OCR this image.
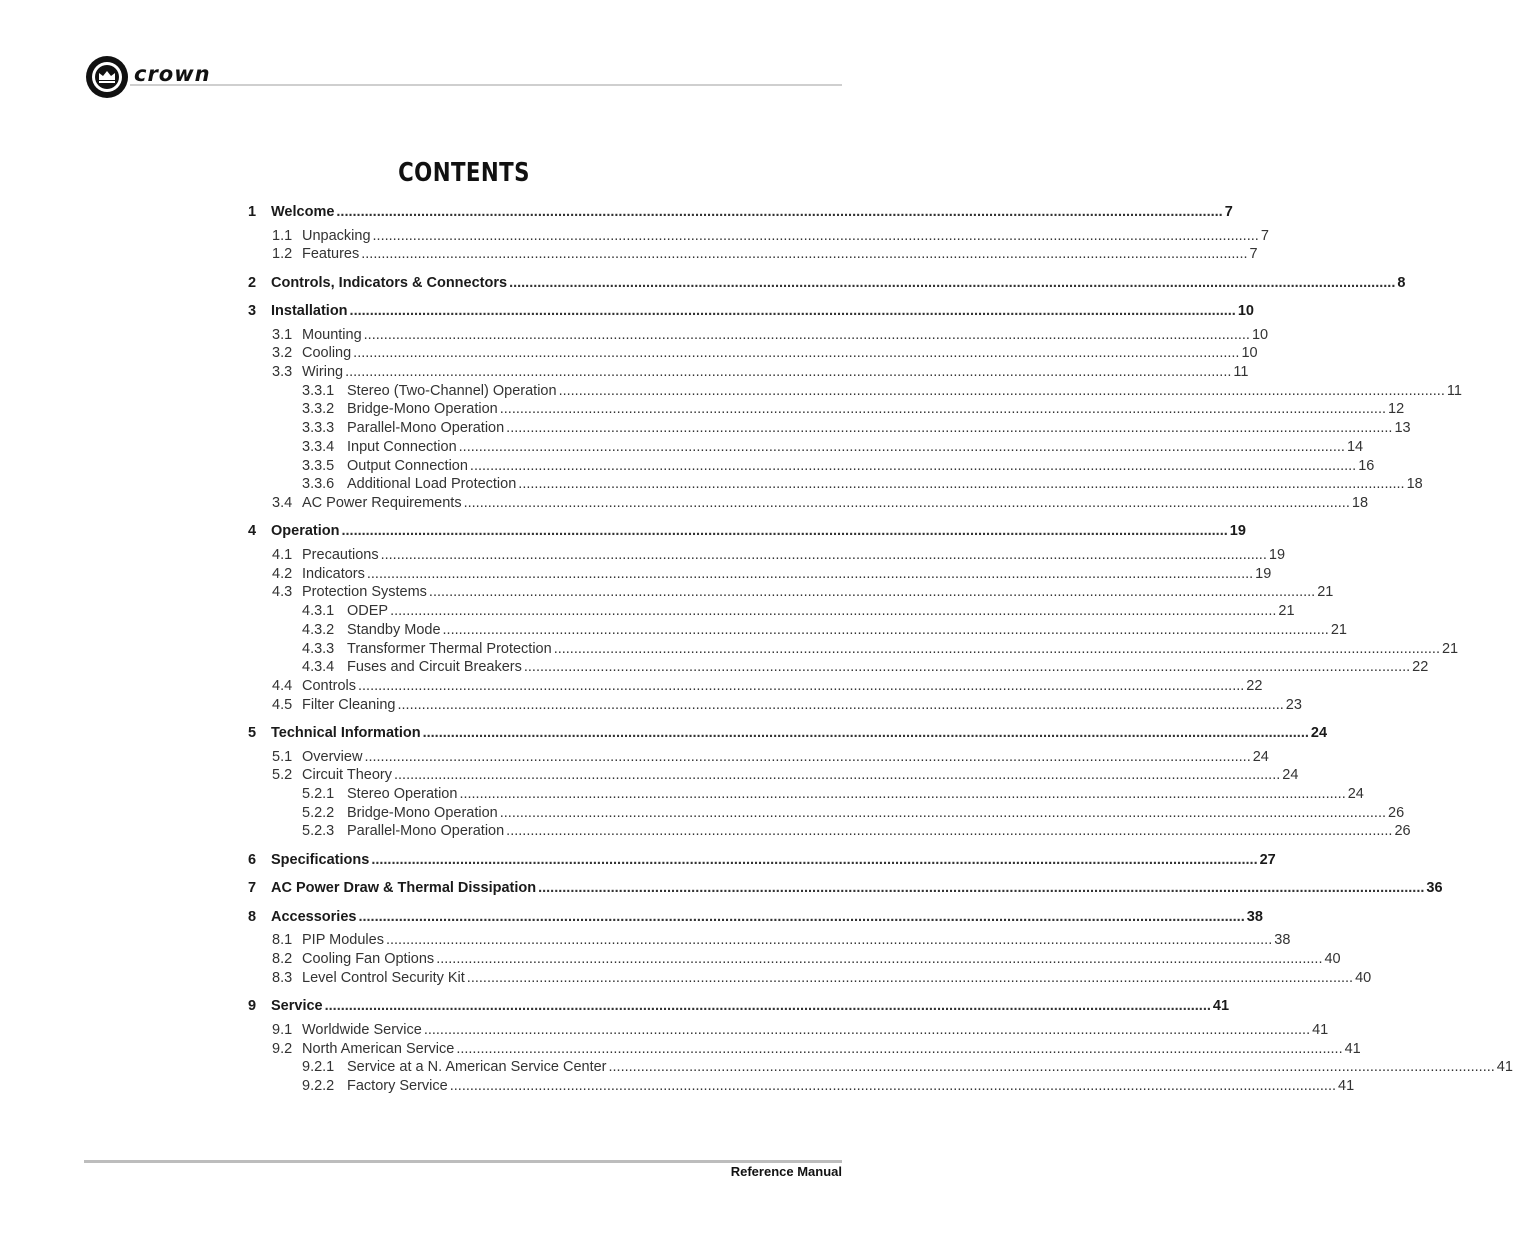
crown
CONTENTS
1 Welcome ............................................................................................................................................................................................................................ 7
1.1 Unpacking ............................................................................................................................................................................................................................ 7
1.2 Features ............................................................................................................................................................................................................................ 7
2 Controls, Indicators & Connectors ............................................................................................................................................................................................................................ 8
3 Installation ............................................................................................................................................................................................................................ 10
3.1 Mounting ............................................................................................................................................................................................................................ 10
3.2 Cooling ............................................................................................................................................................................................................................ 10
3.3 Wiring ............................................................................................................................................................................................................................ 11
3.3.1 Stereo (Two-Channel) Operation ............................................................................................................................................................................................................................ 11
3.3.2 Bridge-Mono Operation ............................................................................................................................................................................................................................ 12
3.3.3 Parallel-Mono Operation ............................................................................................................................................................................................................................ 13
3.3.4 Input Connection ............................................................................................................................................................................................................................ 14
3.3.5 Output Connection ............................................................................................................................................................................................................................ 16
3.3.6 Additional Load Protection ............................................................................................................................................................................................................................ 18
3.4 AC Power Requirements ............................................................................................................................................................................................................................ 18
4 Operation ............................................................................................................................................................................................................................ 19
4.1 Precautions ............................................................................................................................................................................................................................ 19
4.2 Indicators ............................................................................................................................................................................................................................ 19
4.3 Protection Systems ............................................................................................................................................................................................................................ 21
4.3.1 ODEP ............................................................................................................................................................................................................................ 21
4.3.2 Standby Mode ............................................................................................................................................................................................................................ 21
4.3.3 Transformer Thermal Protection ............................................................................................................................................................................................................................ 21
4.3.4 Fuses and Circuit Breakers ............................................................................................................................................................................................................................ 22
4.4 Controls ............................................................................................................................................................................................................................ 22
4.5 Filter Cleaning ............................................................................................................................................................................................................................ 23
5 Technical Information ............................................................................................................................................................................................................................ 24
5.1 Overview ............................................................................................................................................................................................................................ 24
5.2 Circuit Theory ............................................................................................................................................................................................................................ 24
5.2.1 Stereo Operation ............................................................................................................................................................................................................................ 24
5.2.2 Bridge-Mono Operation ............................................................................................................................................................................................................................ 26
5.2.3 Parallel-Mono Operation ............................................................................................................................................................................................................................ 26
6 Specifications ............................................................................................................................................................................................................................ 27
7 AC Power Draw & Thermal Dissipation ............................................................................................................................................................................................................................ 36
8 Accessories ............................................................................................................................................................................................................................ 38
8.1 PIP Modules ............................................................................................................................................................................................................................ 38
8.2 Cooling Fan Options ............................................................................................................................................................................................................................ 40
8.3 Level Control Security Kit ............................................................................................................................................................................................................................ 40
9 Service ............................................................................................................................................................................................................................ 41
9.1 Worldwide Service ............................................................................................................................................................................................................................ 41
9.2 North American Service ............................................................................................................................................................................................................................ 41
9.2.1 Service at a N. American Service Center ............................................................................................................................................................................................................................ 41
9.2.2 Factory Service ............................................................................................................................................................................................................................ 41
Reference Manual
